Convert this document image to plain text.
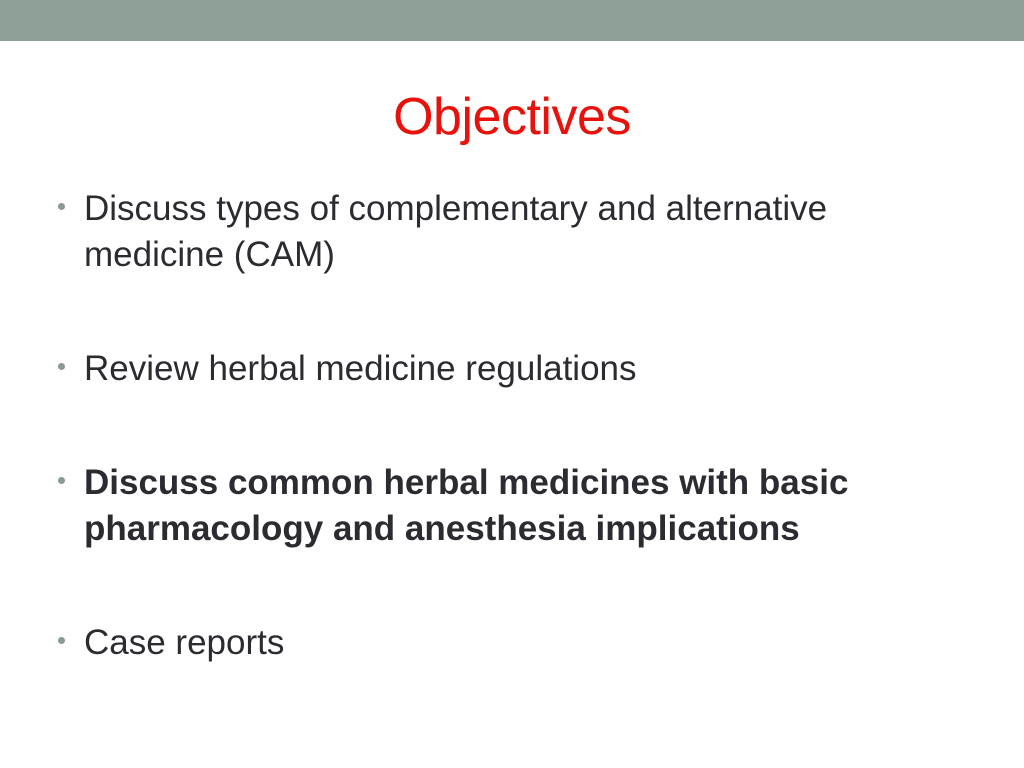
Objectives
Discuss types of complementary and alternative medicine (CAM)
Review herbal medicine regulations
Discuss common herbal medicines with basic pharmacology and anesthesia implications
Case reports
